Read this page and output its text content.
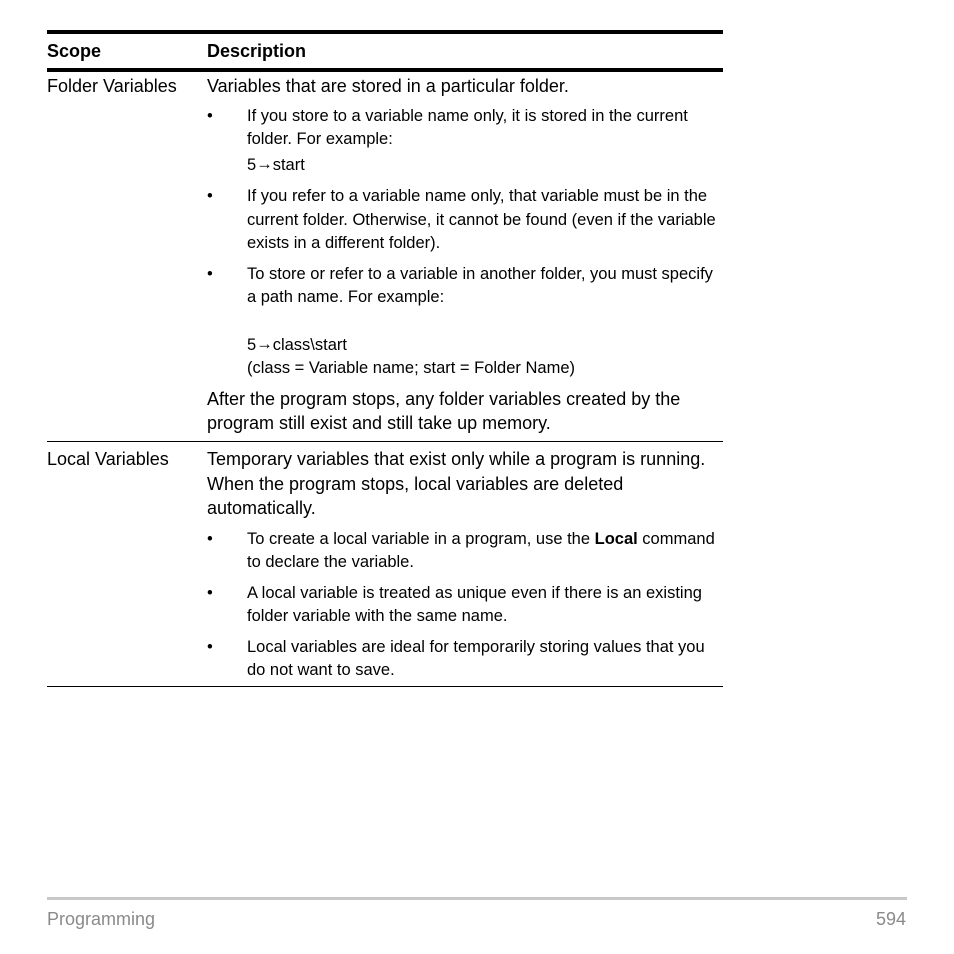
Scope	Description
Folder Variables	Variables that are stored in a particular folder.

• If you store to a variable name only, it is stored in the current folder. For example:
5→start
• If you refer to a variable name only, that variable must be in the current folder. Otherwise, it cannot be found (even if the variable exists in a different folder).
• To store or refer to a variable in another folder, you must specify a path name. For example:
5→class\start
(class = Variable name; start = Folder Name)

After the program stops, any folder variables created by the program still exist and still take up memory.

Local Variables	Temporary variables that exist only while a program is running. When the program stops, local variables are deleted automatically.

• To create a local variable in a program, use the Local command to declare the variable.
• A local variable is treated as unique even if there is an existing folder variable with the same name.
• Local variables are ideal for temporarily storing values that you do not want to save.
Programming	594
